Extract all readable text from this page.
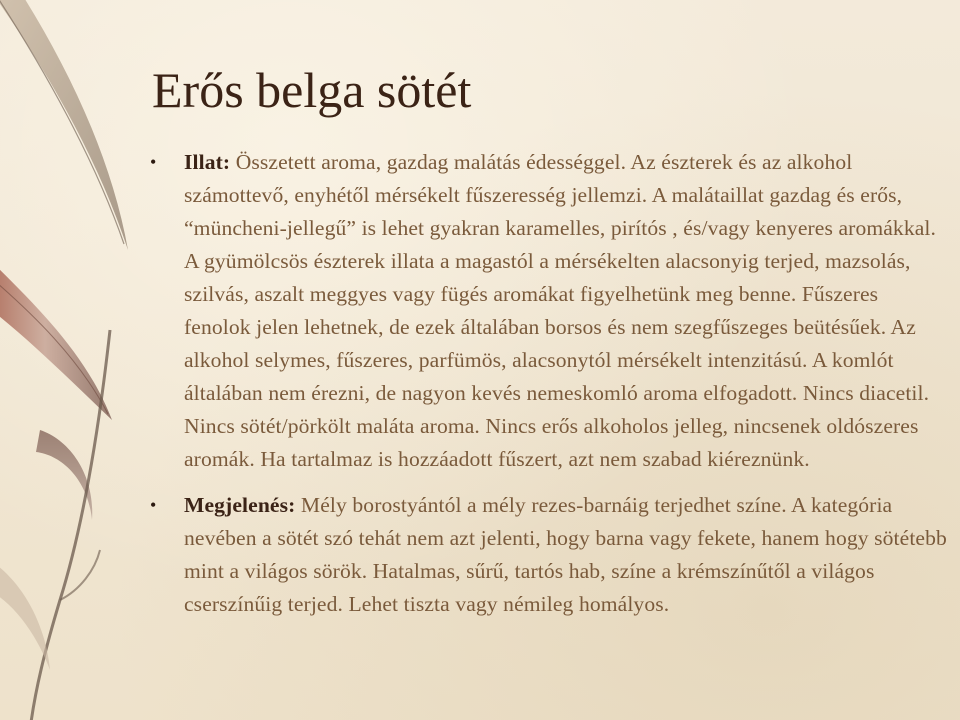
Erős belga sötét
• Illat: Összetett aroma, gazdag malátás édességgel. Az észterek és az alkohol számottevő, enyhétől mérsékelt fűszeresség jellemzi. A malátaillat gazdag és erős, “müncheni-jellegű” is lehet gyakran karamelles, pirítós , és/vagy kenyeres aromákkal. A gyümölcsös észterek illata a magastól a mérsékelten alacsonyig terjed, mazsolás, szilvás, aszalt meggyes vagy fügés aromákat figyelhetünk meg benne. Fűszeres fenolok jelen lehetnek, de ezek általában borsos és nem szegfűszeges beütésűek. Az alkohol selymes, fűszeres, parfümös, alacsonytól mérsékelt intenzitású. A komlót általában nem érezni, de nagyon kevés nemeskomló aroma elfogadott. Nincs diacetil. Nincs sötét/pörkölt maláta aroma. Nincs erős alkoholos jelleg, nincsenek oldószeres aromák. Ha tartalmaz is hozzáadott fűszert, azt nem szabad kiéreznünk.
• Megjelenés: Mély borostyántól a mély rezes-barnáig terjedhet színe. A kategória nevében a sötét szó tehát nem azt jelenti, hogy barna vagy fekete, hanem hogy sötétebb mint a világos sörök. Hatalmas, sűrű, tartós hab, színe a krémszínűtől a világos cserszínűig terjed. Lehet tiszta vagy némileg homályos.
